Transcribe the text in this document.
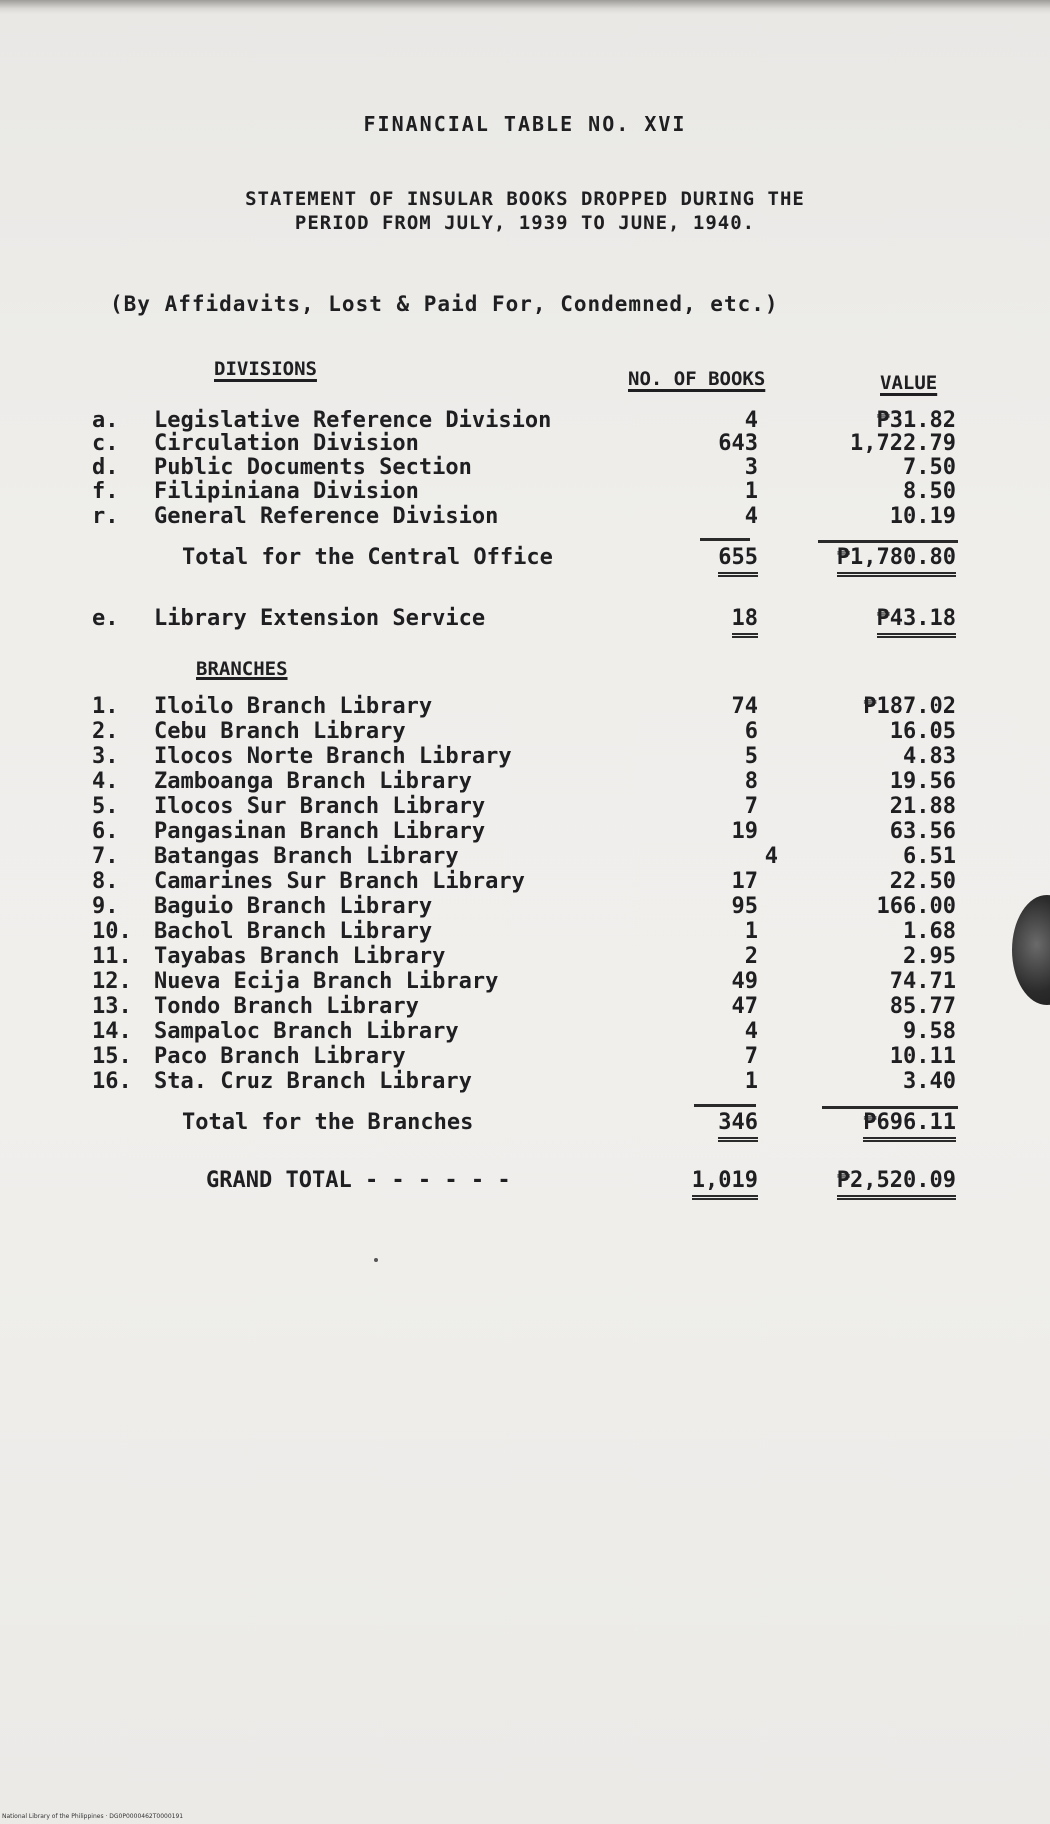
FINANCIAL TABLE NO. XVI
STATEMENT OF INSULAR BOOKS DROPPED DURING THE
PERIOD FROM JULY, 1939 TO JUNE, 1940.
(By Affidavits, Lost & Paid For, Condemned, etc.)
DIVISIONS	NO. OF BOOKS	VALUE
a. Legislative Reference Division	4	₱31.82
c. Circulation Division	643	1,722.79
d. Public Documents Section	3	7.50
f. Filipiniana Division	1	8.50
r. General Reference Division	4	10.19
Total for the Central Office	655	₱1,780.80
e. Library Extension Service	18	₱43.18
BRANCHES
1. Iloilo Branch Library	74	₱187.02
2. Cebu Branch Library	6	16.05
3. Ilocos Norte Branch Library	5	4.83
4. Zamboanga Branch Library	8	19.56
5. Ilocos Sur Branch Library	7	21.88
6. Pangasinan Branch Library	19	63.56
7. Batangas Branch Library	4	6.51
8. Camarines Sur Branch Library	17	22.50
9. Baguio Branch Library	95	166.00
10. Bachol Branch Library	1	1.68
11. Tayabas Branch Library	2	2.95
12. Nueva Ecija Branch Library	49	74.71
13. Tondo Branch Library	47	85.77
14. Sampaloc Branch Library	4	9.58
15. Paco Branch Library	7	10.11
16. Sta. Cruz Branch Library	1	3.40
Total for the Branches	346	₱696.11
GRAND TOTAL - - - - - -	1,019	₱2,520.09
National Library of the Philippines · DG0P0000462T0000191
